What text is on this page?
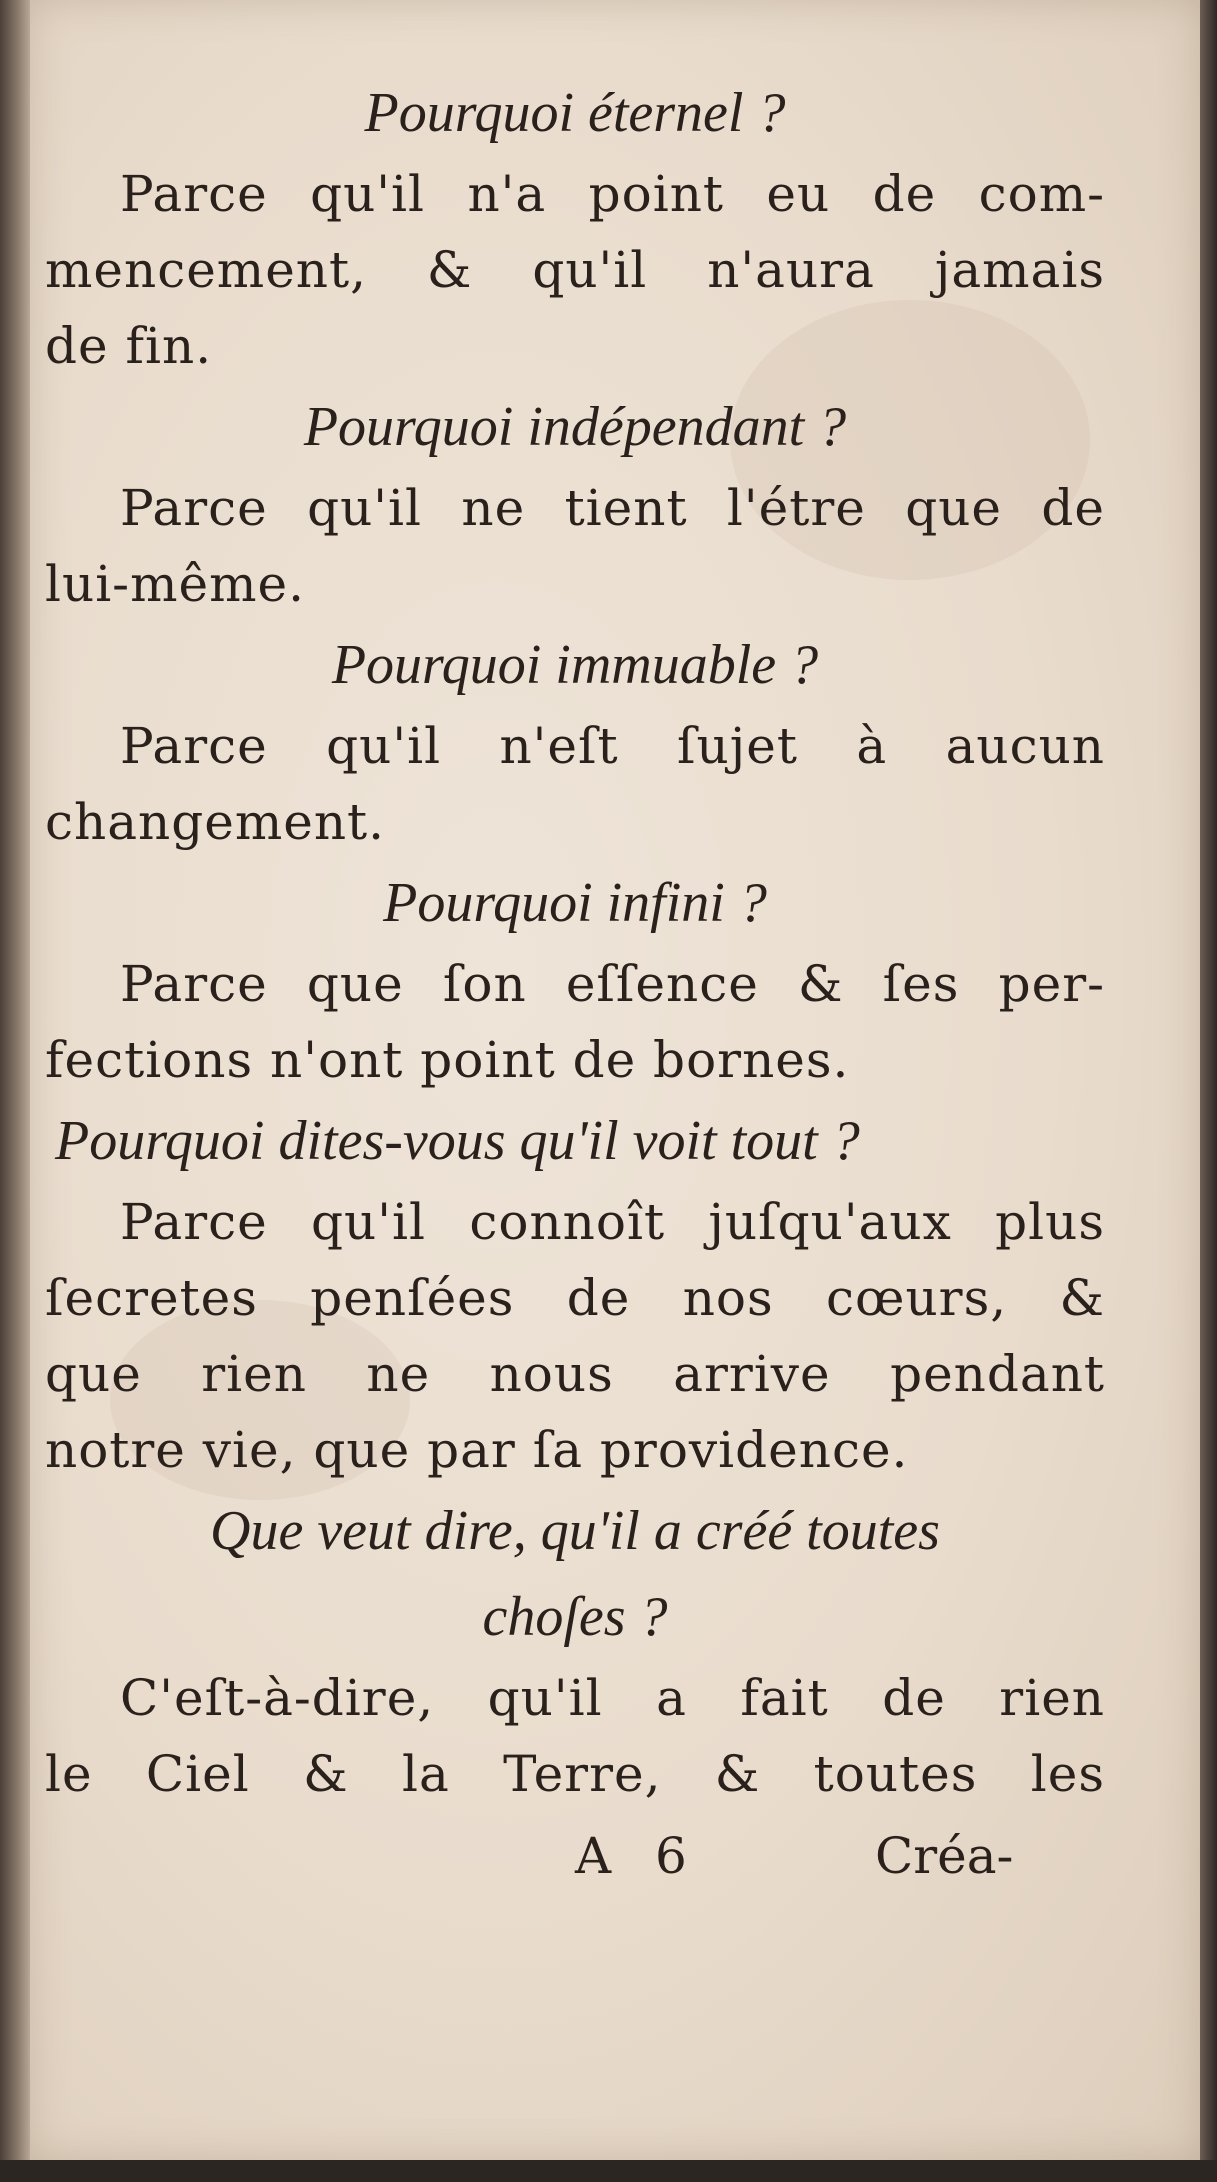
Pourquoi éternel ?

Parce qu'il n'a point eu de com-
mencement, & qu'il n'aura jamais
de fin.

Pourquoi indépendant ?

Parce qu'il ne tient l'étre que de
lui-même.

Pourquoi immuable ?

Parce qu'il n'eſt ſujet à aucun
changement.

Pourquoi infini ?

Parce que ſon eſſence & ſes per-
fections n'ont point de bornes.

Pourquoi dites-vous qu'il voit tout ?

Parce qu'il connoît juſqu'aux plus
ſecretes penſées de nos cœurs, &
que rien ne nous arrive pendant
notre vie, que par ſa providence.

Que veut dire, qu'il a créé toutes
choſes ?

C'eſt-à-dire, qu'il a fait de rien
le Ciel & la Terre, & toutes les

A 6	Créa-
